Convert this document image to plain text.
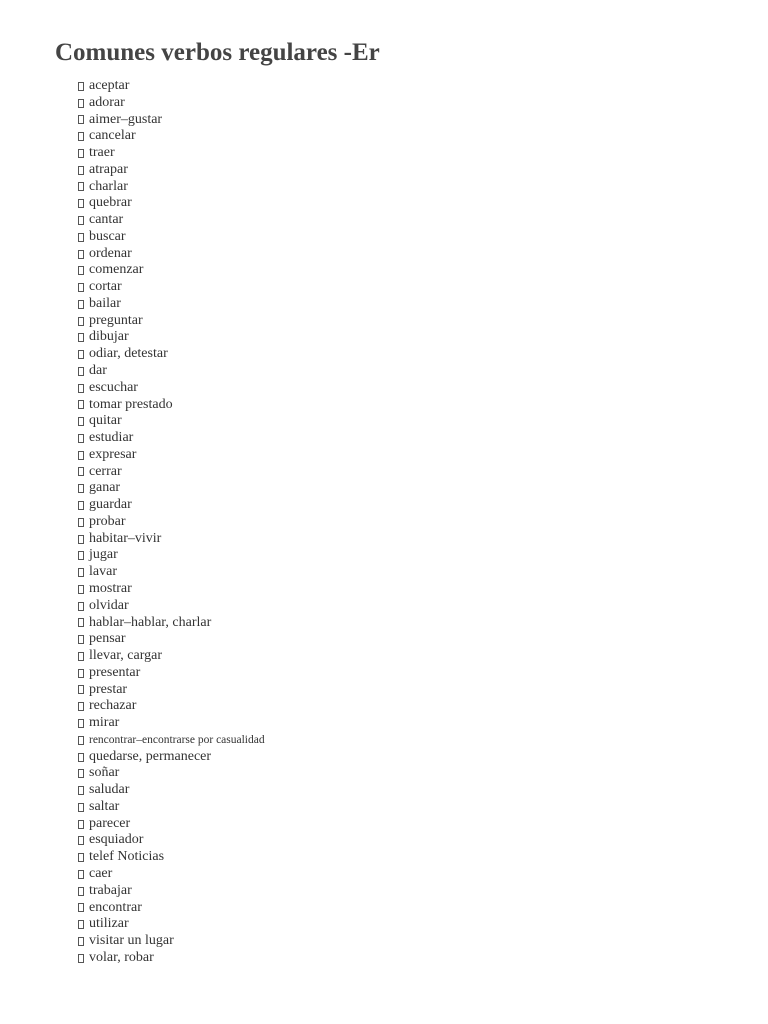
Comunes verbos regulares -Er
aceptar
adorar
aimer–gustar
cancelar
traer
atrapar
charlar
quebrar
cantar
buscar
ordenar
comenzar
cortar
bailar
preguntar
dibujar
odiar, detestar
dar
escuchar
tomar prestado
quitar
estudiar
expresar
cerrar
ganar
guardar
probar
habitar–vivir
jugar
lavar
mostrar
olvidar
hablar–hablar, charlar
pensar
llevar, cargar
presentar
prestar
rechazar
mirar
rencontrar–encontrarse por casualidad
quedarse, permanecer
soñar
saludar
saltar
parecer
esquiador
telef Noticias
caer
trabajar
encontrar
utilizar
visitar un lugar
volar, robar
